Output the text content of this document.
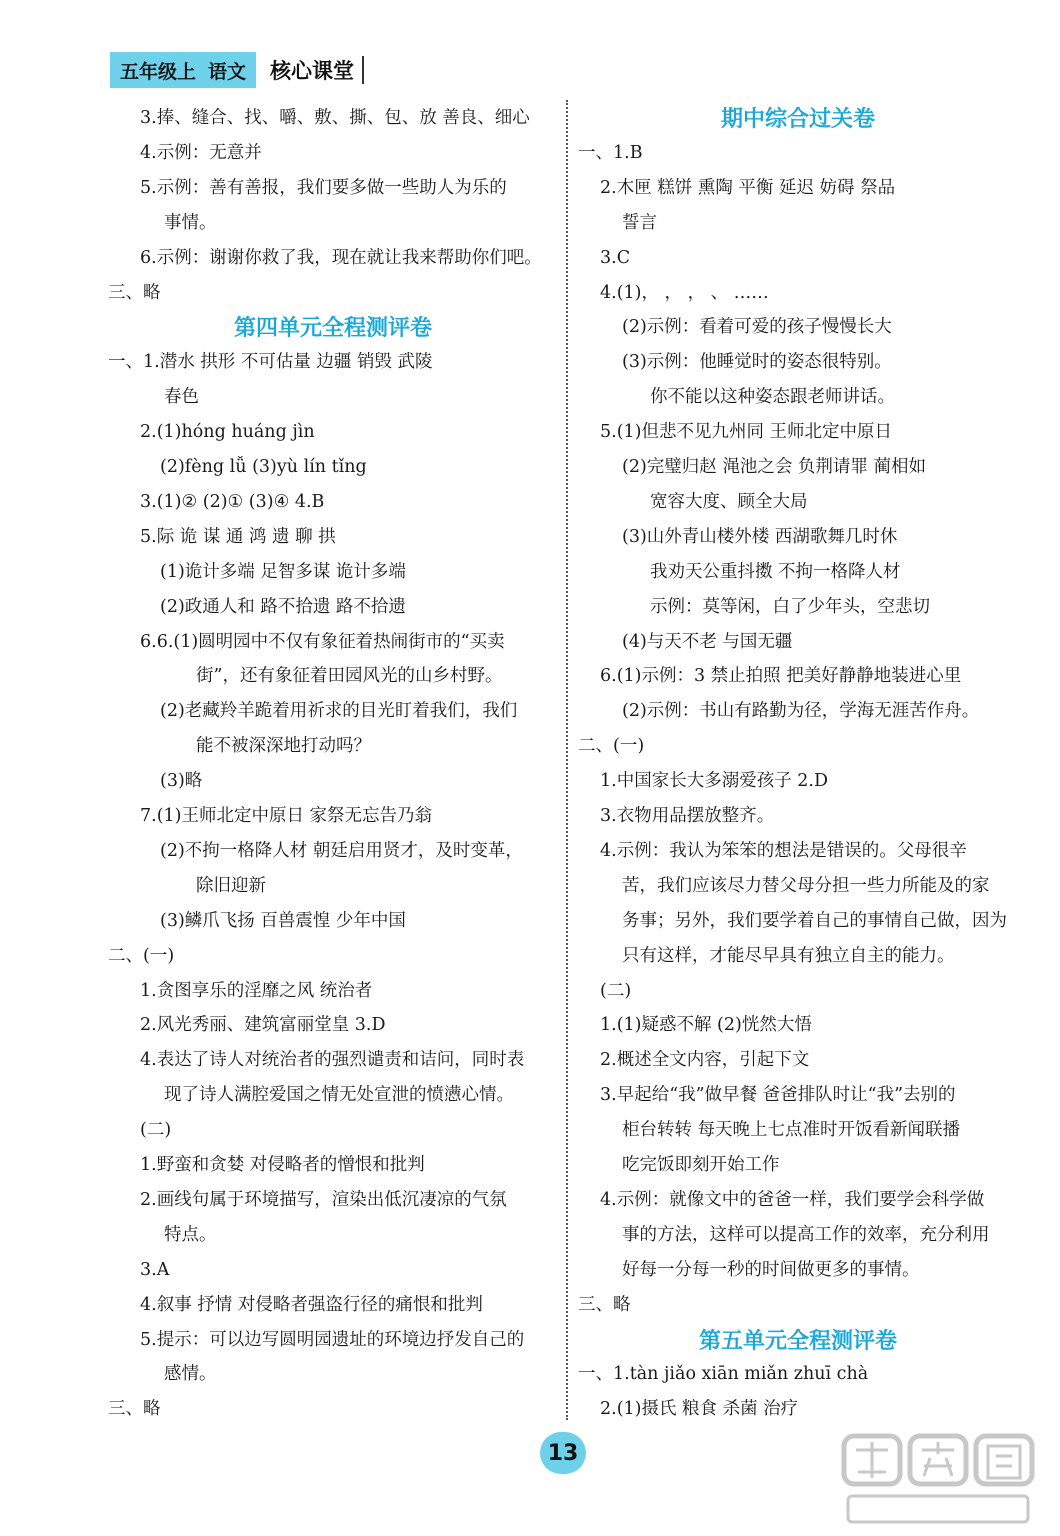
五年级上 语文 核心课堂
3.捧、缝合、找、嚼、敷、撕、包、放 善良、细心
4.示例：无意并
5.示例：善有善报，我们要多做一些助人为乐的
事情。
6.示例：谢谢你救了我，现在就让我来帮助你们吧。
三、略
第四单元全程测评卷
一、1.潜水 拱形 不可估量 边疆 销毁 武陵
春色
2.(1)hóng huáng jìn
(2)fèng lǚ (3)yù lín tǐng
3.(1)② (2)① (3)④ 4.B
5.际 诡 谋 通 鸿 遗 聊 拱
(1)诡计多端 足智多谋 诡计多端
(2)政通人和 路不拾遗 路不拾遗
6.6.(1)圆明园中不仅有象征着热闹街市的“买卖
街”，还有象征着田园风光的山乡村野。
(2)老藏羚羊跪着用祈求的目光盯着我们，我们
能不被深深地打动吗？
(3)略
7.(1)王师北定中原日 家祭无忘告乃翁
(2)不拘一格降人材 朝廷启用贤才，及时变革，
除旧迎新
(3)鳞爪飞扬 百兽震惶 少年中国
二、(一)
1.贪图享乐的淫靡之风 统治者
2.风光秀丽、建筑富丽堂皇 3.D
4.表达了诗人对统治者的强烈谴责和诘问，同时表
现了诗人满腔爱国之情无处宣泄的愤懑心情。
(二)
1.野蛮和贪婪 对侵略者的憎恨和批判
2.画线句属于环境描写，渲染出低沉凄凉的气氛
特点。
3.A
4.叙事 抒情 对侵略者强盗行径的痛恨和批判
5.提示：可以边写圆明园遗址的环境边抒发自己的
感情。
三、略
期中综合过关卷
一、1.B
2.木匣 糕饼 熏陶 平衡 延迟 妨碍 祭品
誓言
3.C
4.(1)， ， ， 、 ……
(2)示例：看着可爱的孩子慢慢长大
(3)示例：他睡觉时的姿态很特别。
你不能以这种姿态跟老师讲话。
5.(1)但悲不见九州同 王师北定中原日
(2)完璧归赵 渑池之会 负荆请罪 蔺相如
宽容大度、顾全大局
(3)山外青山楼外楼 西湖歌舞几时休
我劝天公重抖擞 不拘一格降人材
示例：莫等闲，白了少年头，空悲切
(4)与天不老 与国无疆
6.(1)示例：3 禁止拍照 把美好静静地装进心里
(2)示例：书山有路勤为径，学海无涯苦作舟。
二、(一)
1.中国家长大多溺爱孩子 2.D
3.衣物用品摆放整齐。
4.示例：我认为笨笨的想法是错误的。父母很辛
苦，我们应该尽力替父母分担一些力所能及的家
务事；另外，我们要学着自己的事情自己做，因为
只有这样，才能尽早具有独立自主的能力。
(二)
1.(1)疑惑不解 (2)恍然大悟
2.概述全文内容，引起下文
3.早起给“我”做早餐 爸爸排队时让“我”去别的
柜台转转 每天晚上七点准时开饭看新闻联播
吃完饭即刻开始工作
4.示例：就像文中的爸爸一样，我们要学会科学做
事的方法，这样可以提高工作的效率，充分利用
好每一分每一秒的时间做更多的事情。
三、略
第五单元全程测评卷
一、1.tàn jiǎo xiān miǎn zhuī chà
2.(1)摄氏 粮食 杀菌 治疗
13
